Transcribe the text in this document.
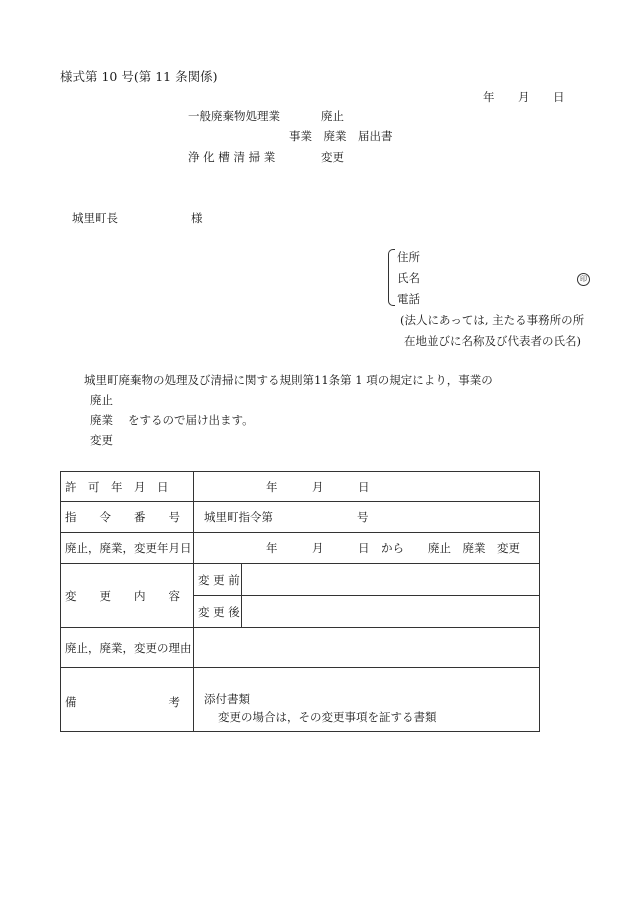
様式第 10 号(第 11 条関係)
年 月 日
一般廃棄物処理業	廃止
事業　廃業　届出書
浄 化 槽 清 掃 業	変更
城里町長	様
住所
氏名	印
電話
(法人にあっては, 主たる事務所の所
在地並びに名称及び代表者の氏名)
城里町廃棄物の処理及び清掃に関する規則第11条第 1 項の規定により，事業の
廃止
廃業 をするので届け出ます。
変更
許　可　年　月　日	年　　　月　　　日	
指　　令　　番　　号	城里町指令第 号	
廃止，廃業，変更年月日	年　　　月　　　日　から 廃止　廃業　変更	
変　　更　　内　　容	変 更 前	
	変 更 後	
廃止，廃業，変更の理由		
備　　　　　　　　考	添付書類
変更の場合は，その変更事項を証する書類	
